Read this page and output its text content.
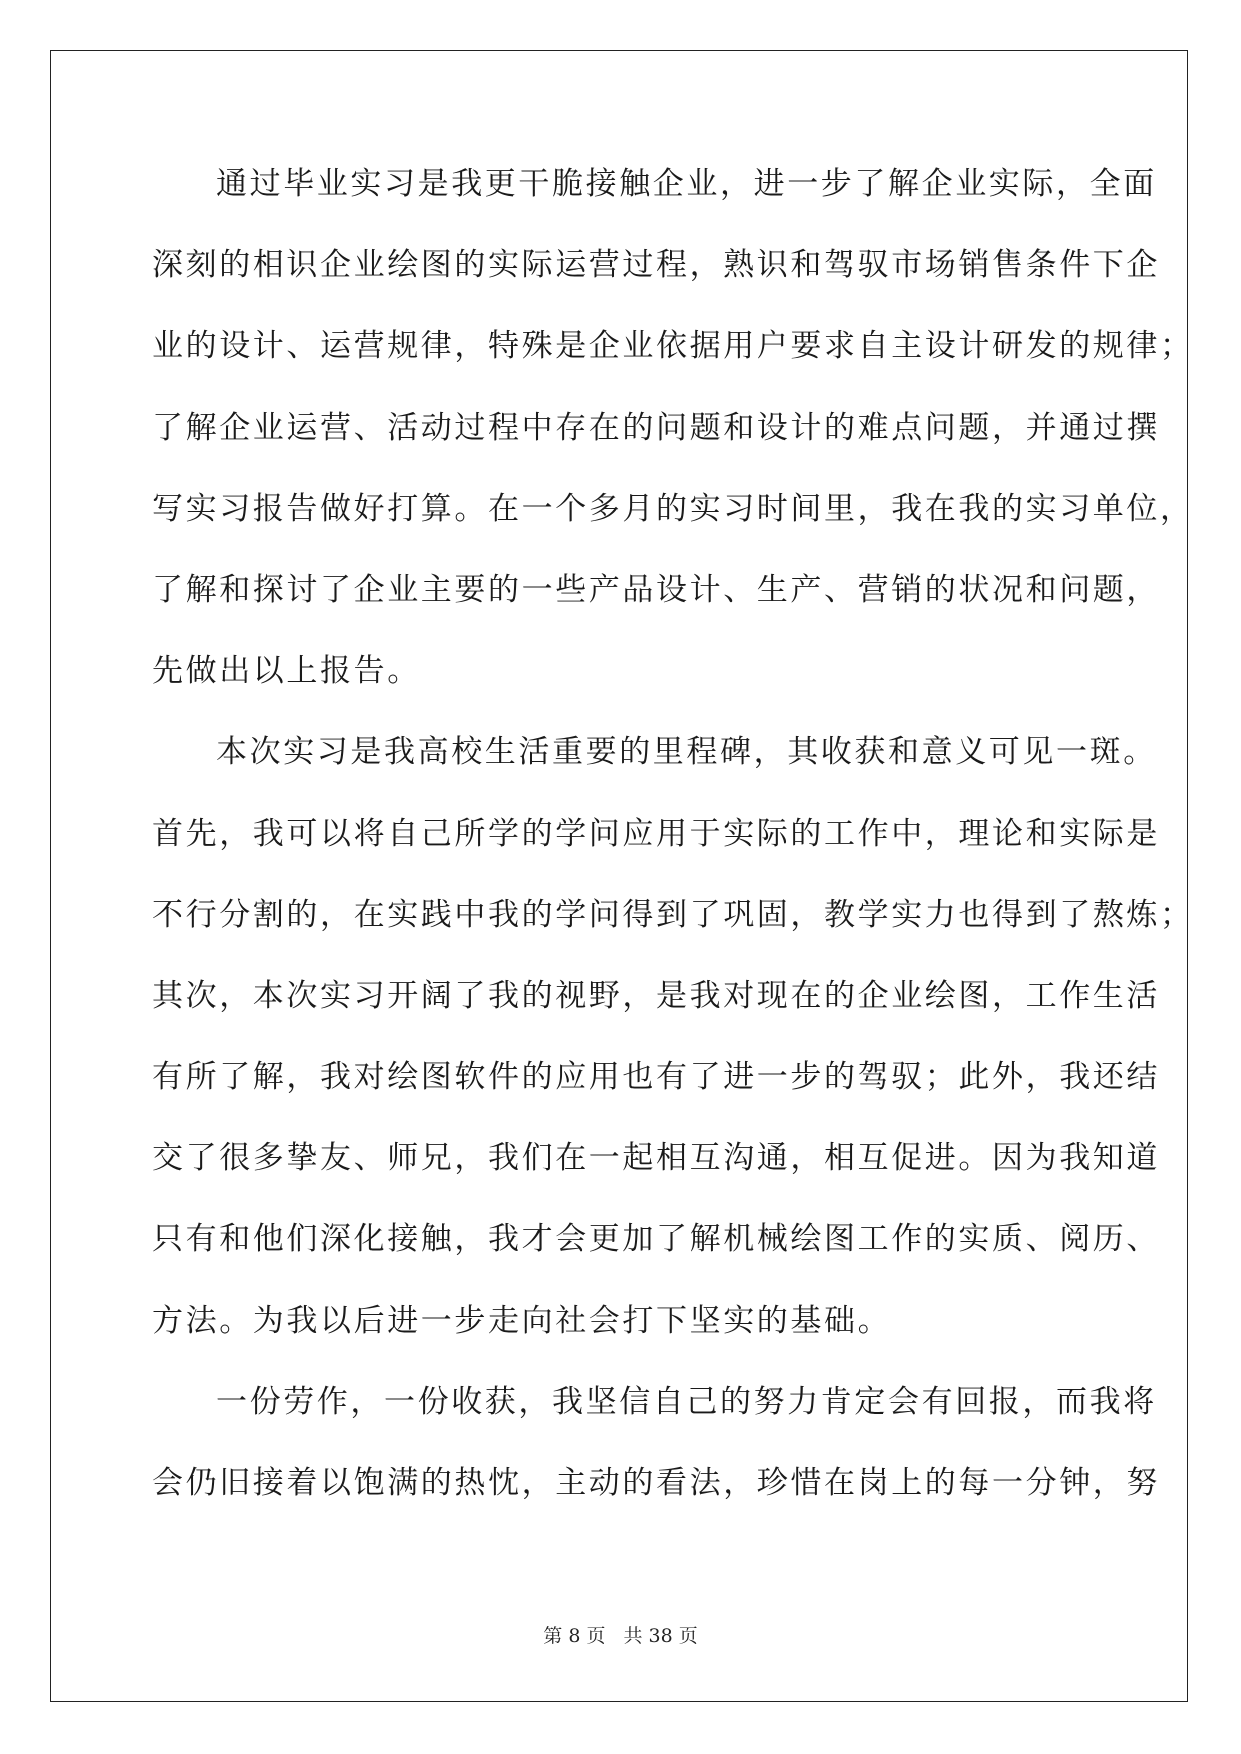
通过毕业实习是我更干脆接触企业，进一步了解企业实际，全面
深刻的相识企业绘图的实际运营过程，熟识和驾驭市场销售条件下企
业的设计、运营规律，特殊是企业依据用户要求自主设计研发的规律；
了解企业运营、活动过程中存在的问题和设计的难点问题，并通过撰
写实习报告做好打算。在一个多月的实习时间里，我在我的实习单位，
了解和探讨了企业主要的一些产品设计、生产、营销的状况和问题，
先做出以上报告。
本次实习是我高校生活重要的里程碑，其收获和意义可见一斑。
首先，我可以将自己所学的学问应用于实际的工作中，理论和实际是
不行分割的，在实践中我的学问得到了巩固，教学实力也得到了熬炼；
其次，本次实习开阔了我的视野，是我对现在的企业绘图，工作生活
有所了解，我对绘图软件的应用也有了进一步的驾驭；此外，我还结
交了很多挚友、师兄，我们在一起相互沟通，相互促进。因为我知道
只有和他们深化接触，我才会更加了解机械绘图工作的实质、阅历、
方法。为我以后进一步走向社会打下坚实的基础。
一份劳作，一份收获，我坚信自己的努力肯定会有回报，而我将
会仍旧接着以饱满的热忱，主动的看法，珍惜在岗上的每一分钟，努
第 8 页 共 38 页
